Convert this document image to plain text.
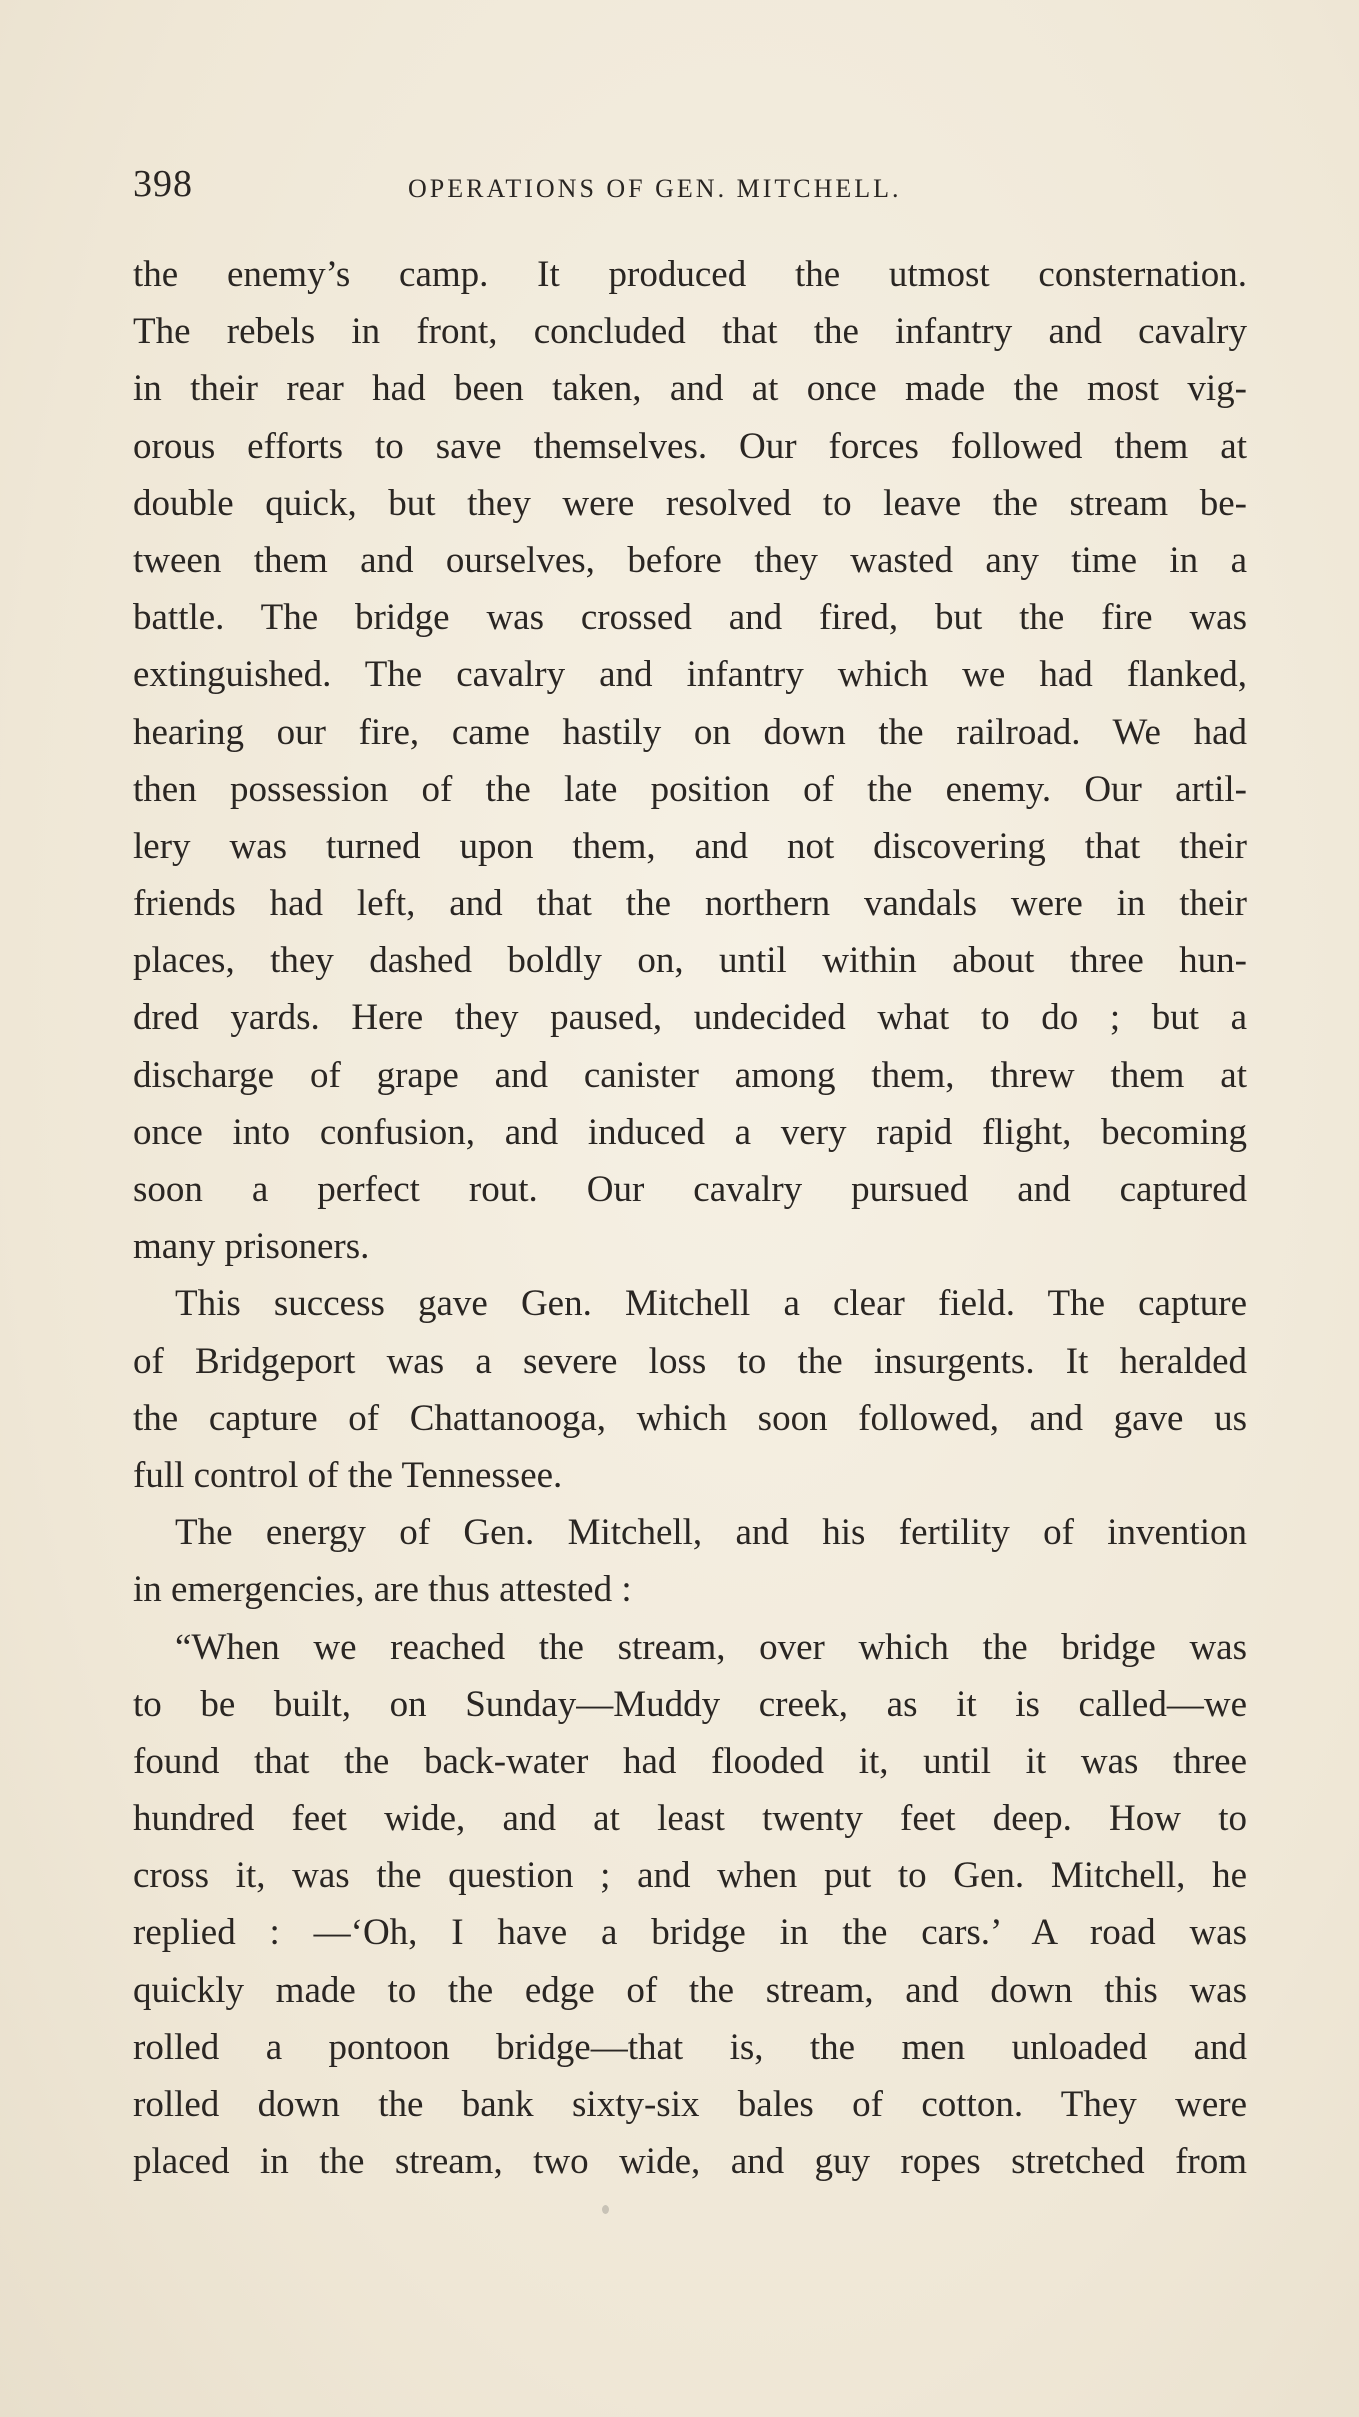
398	OPERATIONS OF GEN. MITCHELL.
the enemy’s camp. It produced the utmost consternation.
The rebels in front, concluded that the infantry and cavalry
in their rear had been taken, and at once made the most vig-
orous efforts to save themselves. Our forces followed them at
double quick, but they were resolved to leave the stream be-
tween them and ourselves, before they wasted any time in a
battle. The bridge was crossed and fired, but the fire was
extinguished. The cavalry and infantry which we had flanked,
hearing our fire, came hastily on down the railroad. We had
then possession of the late position of the enemy. Our artil-
lery was turned upon them, and not discovering that their
friends had left, and that the northern vandals were in their
places, they dashed boldly on, until within about three hun-
dred yards. Here they paused, undecided what to do ; but a
discharge of grape and canister among them, threw them at
once into confusion, and induced a very rapid flight, becoming
soon a perfect rout. Our cavalry pursued and captured
many prisoners.
This success gave Gen. Mitchell a clear field. The capture
of Bridgeport was a severe loss to the insurgents. It heralded
the capture of Chattanooga, which soon followed, and gave us
full control of the Tennessee.
The energy of Gen. Mitchell, and his fertility of invention
in emergencies, are thus attested :
“When we reached the stream, over which the bridge was
to be built, on Sunday—Muddy creek, as it is called—we
found that the back-water had flooded it, until it was three
hundred feet wide, and at least twenty feet deep. How to
cross it, was the question ; and when put to Gen. Mitchell, he
replied : —‘Oh, I have a bridge in the cars.’ A road was
quickly made to the edge of the stream, and down this was
rolled a pontoon bridge—that is, the men unloaded and
rolled down the bank sixty-six bales of cotton. They were
placed in the stream, two wide, and guy ropes stretched from
